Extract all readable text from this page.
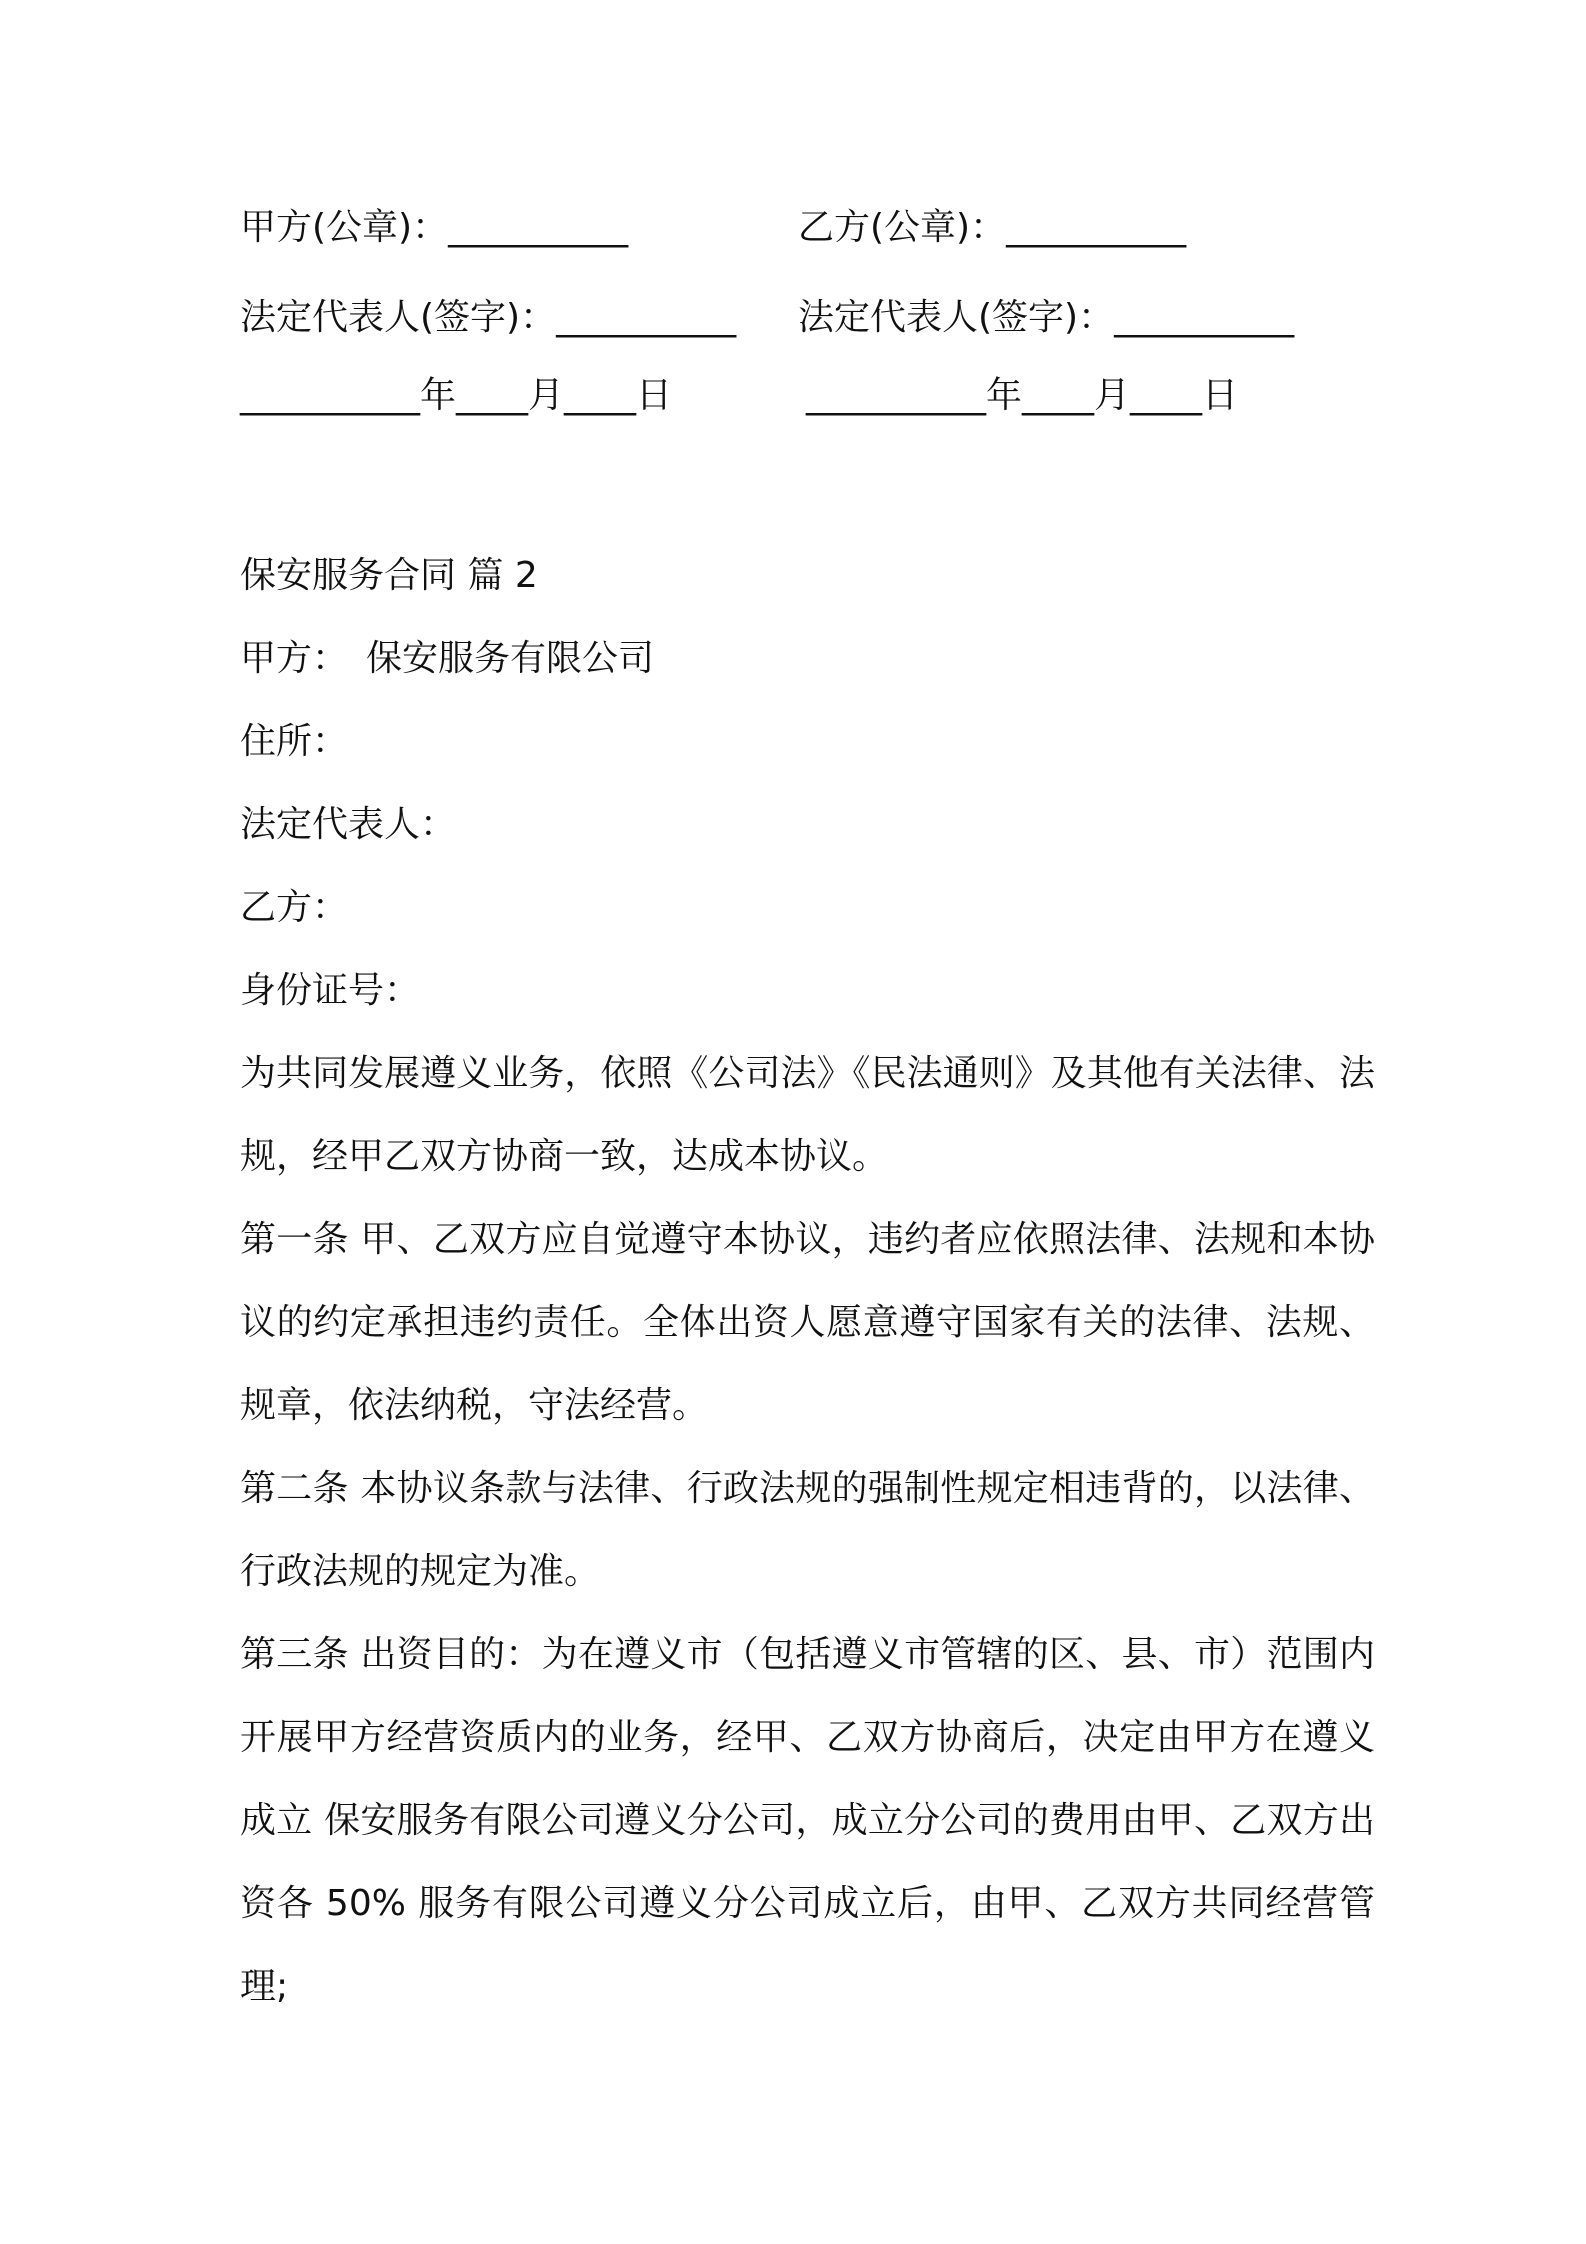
甲方(公章)：__________	乙方(公章)：__________
法定代表人(签字)：__________ 法定代表人(签字)：__________
__________年____月____日	__________年____月____日

保安服务合同 篇 2

甲方：　保安服务有限公司

住所：

法定代表人：

乙方：

身份证号：

为共同发展遵义业务，依照《公司法》《民法通则》及其他有关法律、法规，经甲乙双方协商一致，达成本协议。

第一条 甲、乙双方应自觉遵守本协议，违约者应依照法律、法规和本协议的约定承担违约责任。全体出资人愿意遵守国家有关的法律、法规、规章，依法纳税，守法经营。

第二条 本协议条款与法律、行政法规的强制性规定相违背的，以法律、行政法规的规定为准。

第三条 出资目的：为在遵义市（包括遵义市管辖的区、县、市）范围内开展甲方经营资质内的业务，经甲、乙双方协商后，决定由甲方在遵义成立 保安服务有限公司遵义分公司，成立分公司的费用由甲、乙双方出资各 50% 服务有限公司遵义分公司成立后，由甲、乙双方共同经营管理;
